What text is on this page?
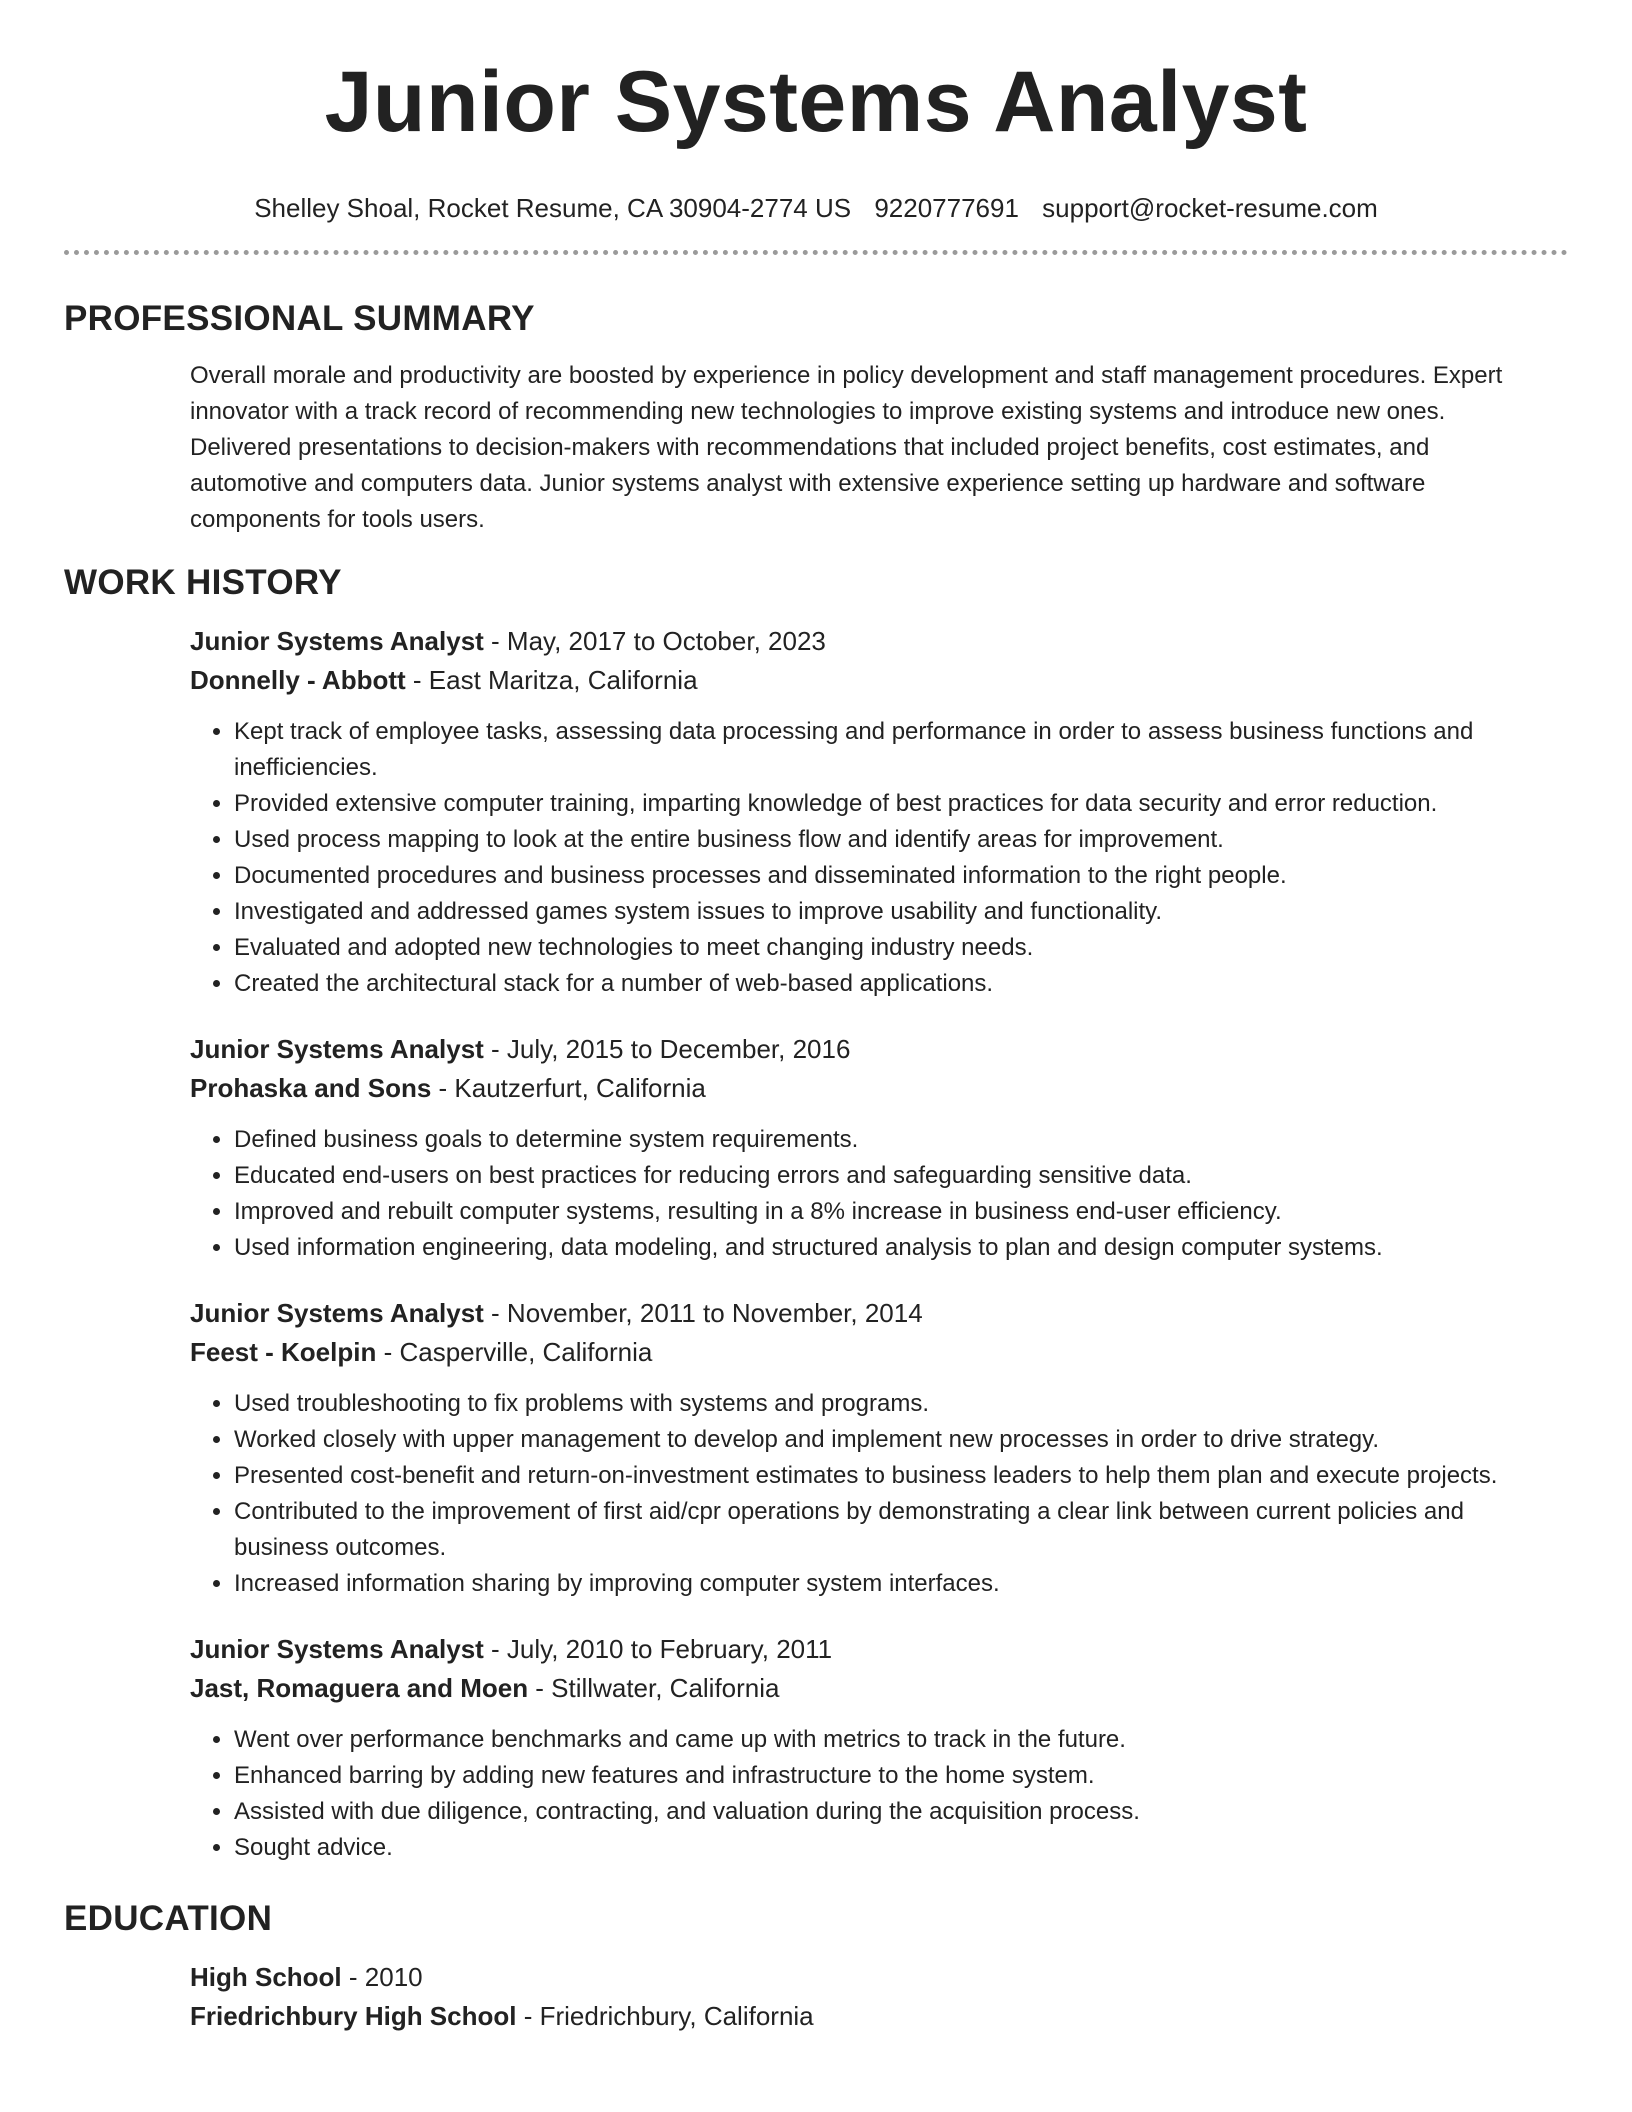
Junior Systems Analyst
Shelley Shoal, Rocket Resume, CA 30904-2774 US 9220777691 support@rocket-resume.com
PROFESSIONAL SUMMARY

Overall morale and productivity are boosted by experience in policy development and staff management procedures. Expert innovator with a track record of recommending new technologies to improve existing systems and introduce new ones. Delivered presentations to decision-makers with recommendations that included project benefits, cost estimates, and automotive and computers data. Junior systems analyst with extensive experience setting up hardware and software components for tools users.

WORK HISTORY
Junior Systems Analyst - May, 2017 to October, 2023
Donnelly - Abbott - East Maritza, California
• Kept track of employee tasks, assessing data processing and performance in order to assess business functions and inefficiencies.
• Provided extensive computer training, imparting knowledge of best practices for data security and error reduction.
• Used process mapping to look at the entire business flow and identify areas for improvement.
• Documented procedures and business processes and disseminated information to the right people.
• Investigated and addressed games system issues to improve usability and functionality.
• Evaluated and adopted new technologies to meet changing industry needs.
• Created the architectural stack for a number of web-based applications.
Junior Systems Analyst - July, 2015 to December, 2016
Prohaska and Sons - Kautzerfurt, California
• Defined business goals to determine system requirements.
• Educated end-users on best practices for reducing errors and safeguarding sensitive data.
• Improved and rebuilt computer systems, resulting in a 8% increase in business end-user efficiency.
• Used information engineering, data modeling, and structured analysis to plan and design computer systems.
Junior Systems Analyst - November, 2011 to November, 2014
Feest - Koelpin - Casperville, California
• Used troubleshooting to fix problems with systems and programs.
• Worked closely with upper management to develop and implement new processes in order to drive strategy.
• Presented cost-benefit and return-on-investment estimates to business leaders to help them plan and execute projects.
• Contributed to the improvement of first aid/cpr operations by demonstrating a clear link between current policies and business outcomes.
• Increased information sharing by improving computer system interfaces.
Junior Systems Analyst - July, 2010 to February, 2011
Jast, Romaguera and Moen - Stillwater, California
• Went over performance benchmarks and came up with metrics to track in the future.
• Enhanced barring by adding new features and infrastructure to the home system.
• Assisted with due diligence, contracting, and valuation during the acquisition process.
• Sought advice.
EDUCATION
High School - 2010
Friedrichbury High School - Friedrichbury, California
